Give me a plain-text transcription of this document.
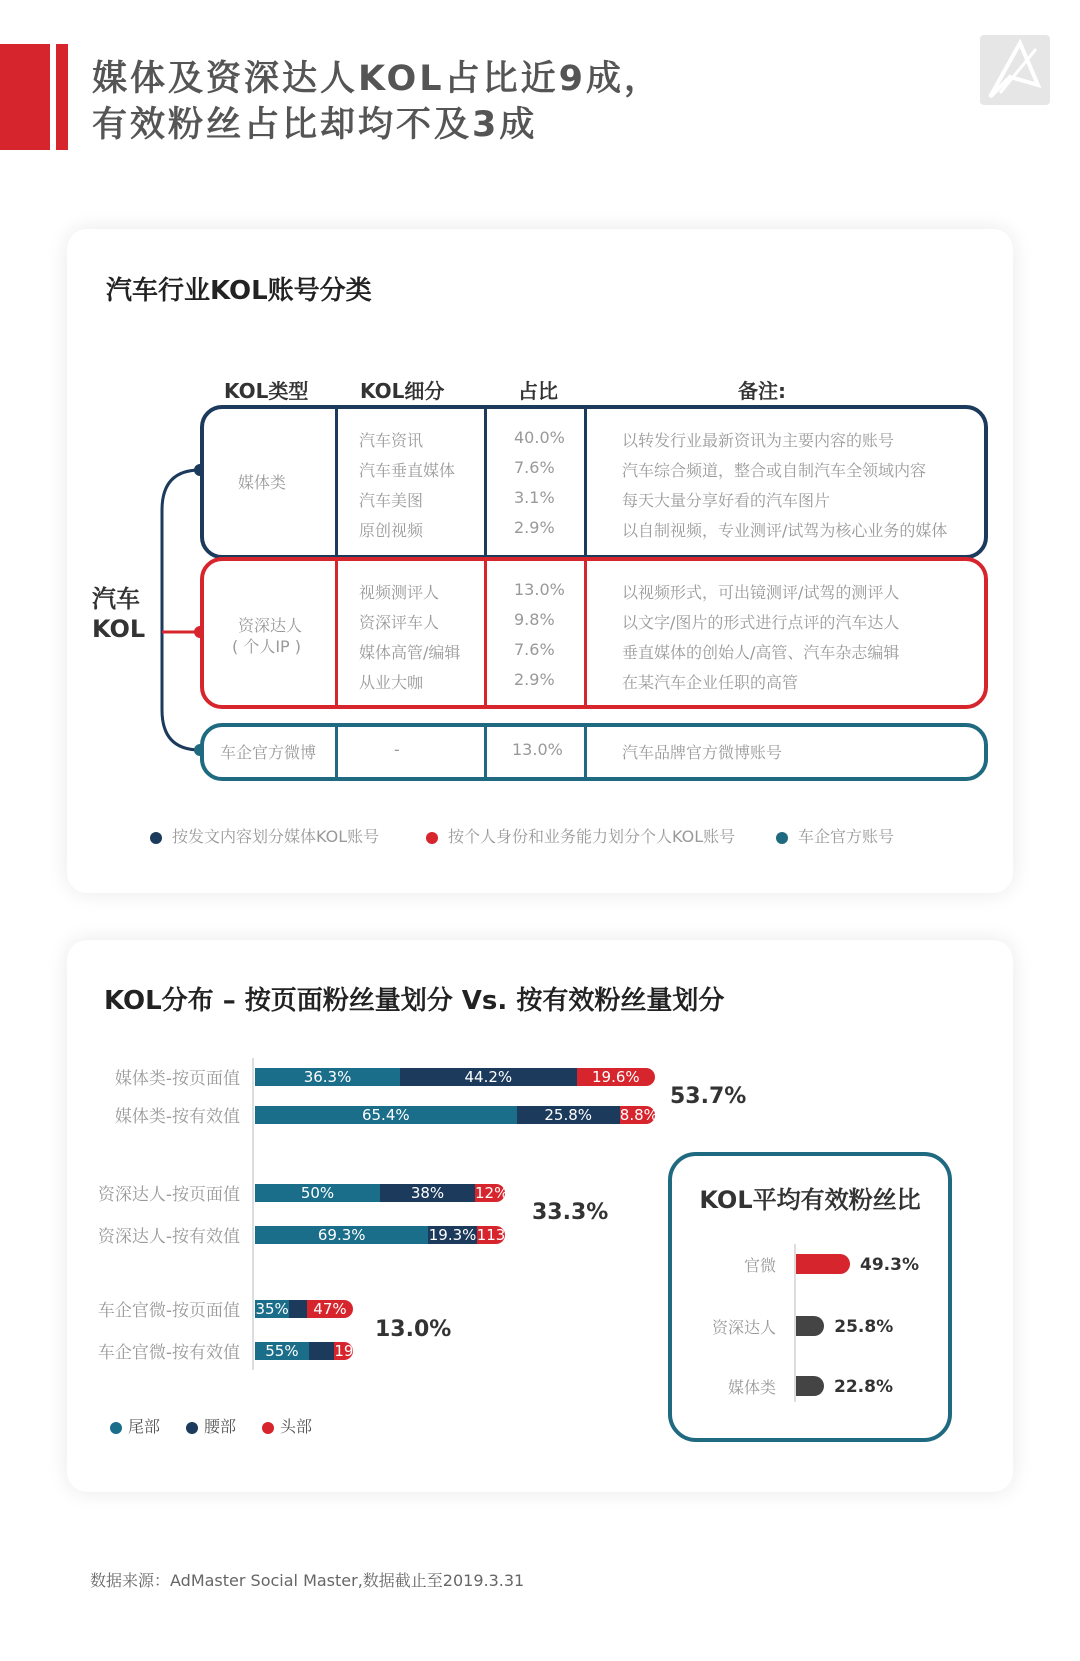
媒体及资深达人KOL占比近9成，
有效粉丝占比却均不及3成
汽车行业KOL账号分类
KOL类型	KOL细分	占比	备注:
汽车
KOL
媒体类
汽车资讯	40.0%	以转发行业最新资讯为主要内容的账号
汽车垂直媒体	7.6%	汽车综合频道，整合或自制汽车全领域内容
汽车美图	3.1%	每天大量分享好看的汽车图片
原创视频	2.9%	以自制视频，专业测评/试驾为核心业务的媒体
资深达人
( 个人IP )
视频测评人	13.0%	以视频形式，可出镜测评/试驾的测评人
资深评车人	9.8%	以文字/图片的形式进行点评的汽车达人
媒体高管/编辑	7.6%	垂直媒体的创始人/高管、汽车杂志编辑
从业大咖	2.9%	在某汽车企业任职的高管
车企官方微博	-	13.0%	汽车品牌官方微博账号
按发文内容划分媒体KOL账号	按个人身份和业务能力划分个人KOL账号	车企官方账号
KOL分布 – 按页面粉丝量划分 Vs. 按有效粉丝量划分
媒体类-按页面值	36.3%	44.2%	19.6%
媒体类-按有效值	65.4%	25.8%	8.8%
资深达人-按页面值	50%	38%	12%
资深达人-按有效值	69.3%	19.3% 113
车企官微-按页面值 35%	47%
车企官微-按有效值	55%	19
53.7%
33.3%
13.0%
尾部	腰部	头部
KOL平均有效粉丝比
官微	49.3%
资深达人	25.8%
媒体类	22.8%
数据来源：AdMaster Social Master,数据截止至2019.3.31
